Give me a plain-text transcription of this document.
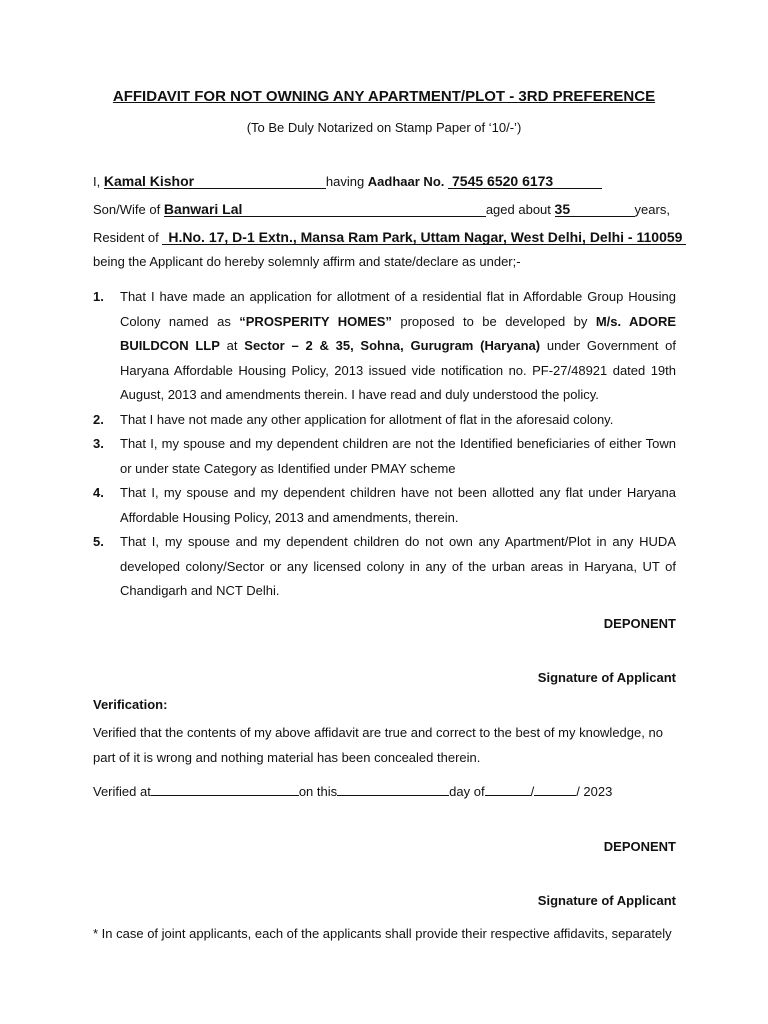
AFFIDAVIT FOR NOT OWNING ANY APARTMENT/PLOT - 3RD PREFERENCE
(To Be Duly Notarized on Stamp Paper of ‘10/-’)
I, Kamal Kishor	having Aadhaar No. 7545 6520 6173
Son/Wife of Banwari Lal	aged about 35	years,
Resident of H.No. 17, D-1 Extn., Mansa Ram Park, Uttam Nagar, West Delhi, Delhi - 110059
being the Applicant do hereby solemnly affirm and state/declare as under;-
1.	That I have made an application for allotment of a residential flat in Affordable Group Housing Colony named as “PROSPERITY HOMES” proposed to be developed by M/s. ADORE BUILDCON LLP at Sector – 2 & 35, Sohna, Gurugram (Haryana) under Government of Haryana Affordable Housing Policy, 2013 issued vide notification no. PF-27/48921 dated 19th August, 2013 and amendments therein. I have read and duly understood the policy.
2.	That I have not made any other application for allotment of flat in the aforesaid colony.
3.	That I, my spouse and my dependent children are not the Identified beneficiaries of either Town or under state Category as Identified under PMAY scheme
4.	That I, my spouse and my dependent children have not been allotted any flat under Haryana Affordable Housing Policy, 2013 and amendments, therein.
5.	That I, my spouse and my dependent children do not own any Apartment/Plot in any HUDA developed colony/Sector or any licensed colony in any of the urban areas in Haryana, UT of Chandigarh and NCT Delhi.
DEPONENT
Signature of Applicant
Verification:
Verified that the contents of my above affidavit are true and correct to the best of my knowledge, no part of it is wrong and nothing material has been concealed therein.
Verified at	on this	day of	/	/ 2023
DEPONENT
Signature of Applicant
* In case of joint applicants, each of the applicants shall provide their respective affidavits, separately
